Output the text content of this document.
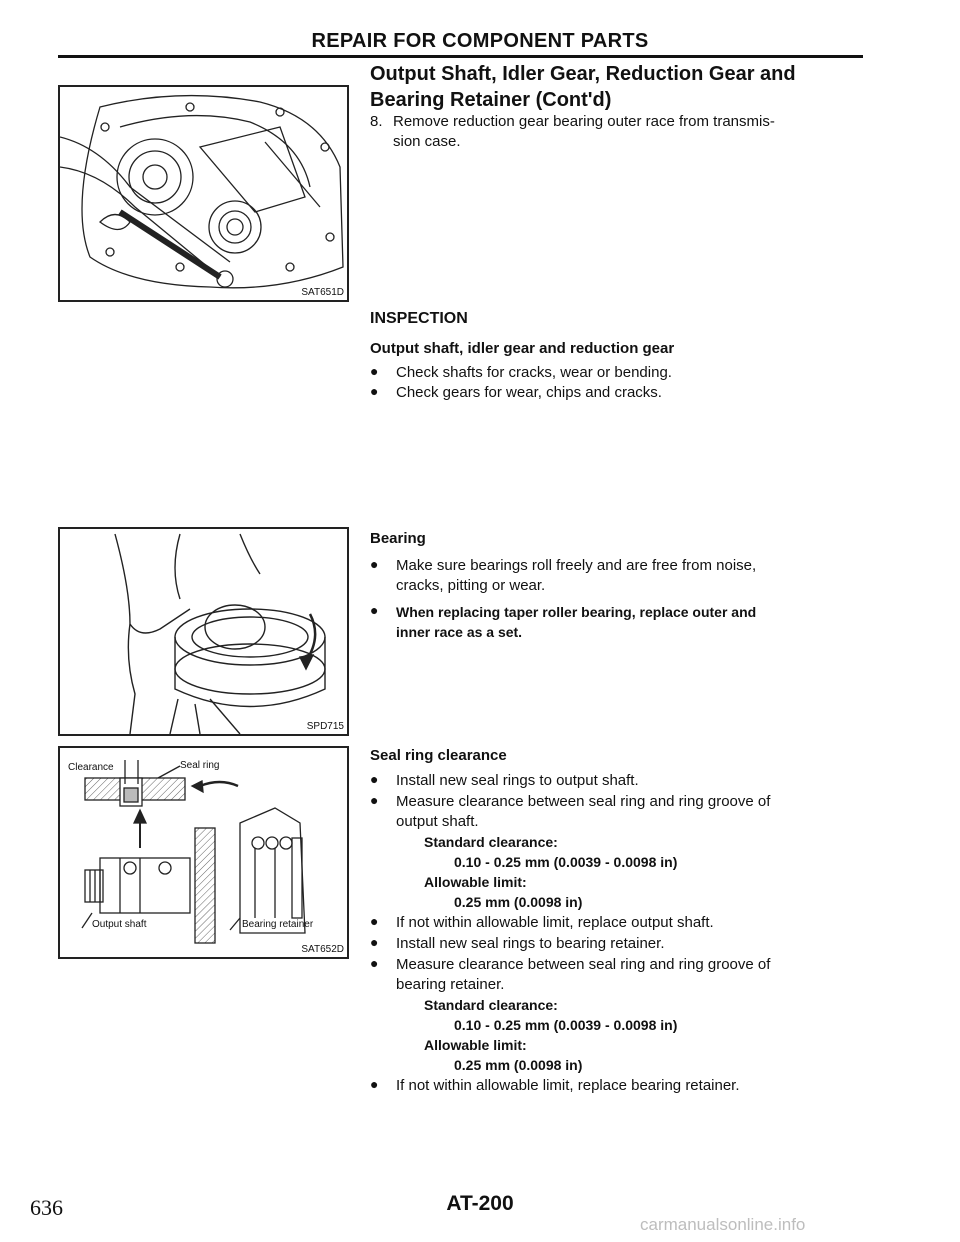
REPAIR FOR COMPONENT PARTS
SAT651D
SPD715
Clearance	Seal ring
Output shaft	Bearing retainer
SAT652D
Output Shaft, Idler Gear, Reduction Gear and
Bearing Retainer (Cont'd)
8. Remove reduction gear bearing outer race from transmis-
sion case.
INSPECTION
Output shaft, idler gear and reduction gear
● Check shafts for cracks, wear or bending.
● Check gears for wear, chips and cracks.
Bearing
● Make sure bearings roll freely and are free from noise,
cracks, pitting or wear.
● When replacing taper roller bearing, replace outer and
inner race as a set.
Seal ring clearance
● Install new seal rings to output shaft.
● Measure clearance between seal ring and ring groove of
output shaft.
Standard clearance:
0.10 - 0.25 mm (0.0039 - 0.0098 in)
Allowable limit:
0.25 mm (0.0098 in)
● If not within allowable limit, replace output shaft.
● Install new seal rings to bearing retainer.
● Measure clearance between seal ring and ring groove of
bearing retainer.
Standard clearance:
0.10 - 0.25 mm (0.0039 - 0.0098 in)
Allowable limit:
0.25 mm (0.0098 in)
● If not within allowable limit, replace bearing retainer.
636	AT-200
carmanualsonline.info
